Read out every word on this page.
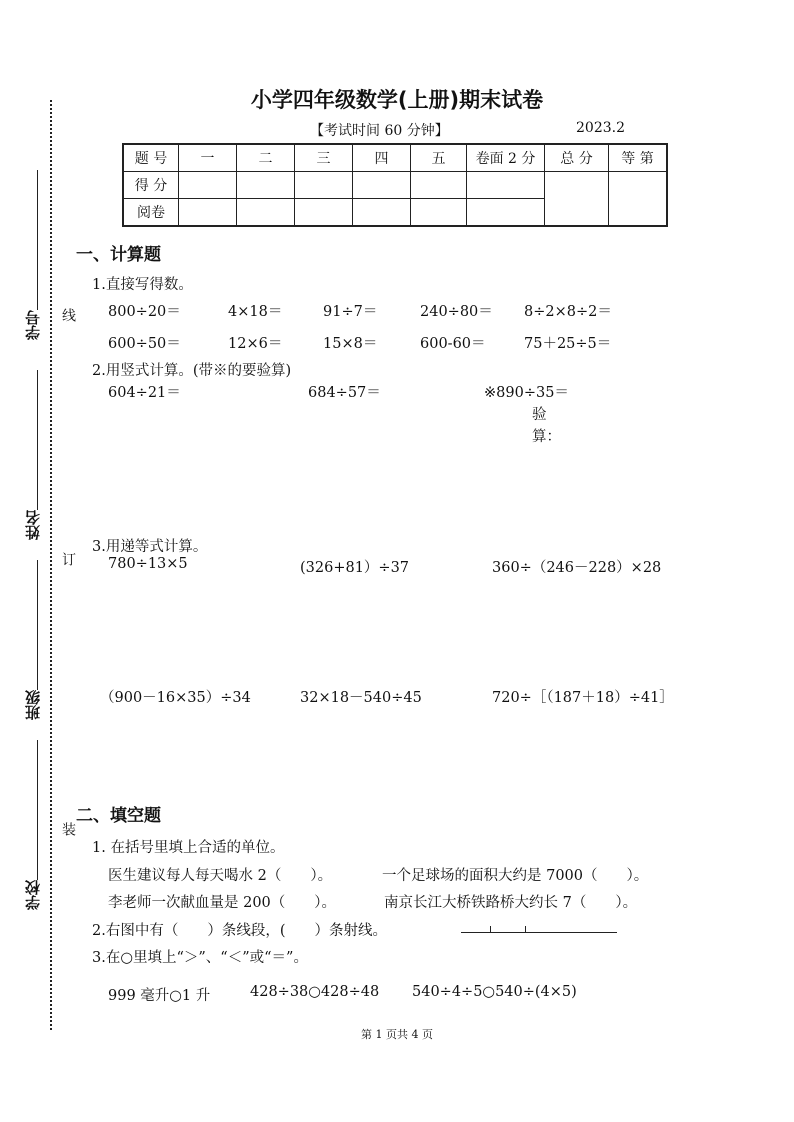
学号
姓名
班级
学校
线
订
装
小学四年级数学(上册)期末试卷
【考试时间 60 分钟】	2023.2
题 号	一	二	三	四	五	卷面 2 分	总 分	等 第
得 分								
阅卷								
一、计算题
1.直接写得数。
800÷20＝	4×18＝	91÷7＝	240÷80＝ 8÷2×8÷2＝
600÷50＝	12×6＝	15×8＝	600-60＝	75＋25÷5＝
2.用竖式计算。(带※的要验算)
604÷21＝	684÷57＝	※890÷35＝
验
算：
3.用递等式计算。
780÷13×5	(326+81）÷37	360÷（246－228）×28
（900－16×35）÷34	32×18－540÷45	720÷［（187＋18）÷41］
二、填空题
1. 在括号里填上合适的单位。
医生建议每人每天喝水 2（　　）。	一个足球场的面积大约是 7000（　　）。
李老师一次献血量是 200（　　）。	南京长江大桥铁路桥大约长 7（　　）。
2.右图中有（　　）条线段，(　　）条射线。
3.在○里填上“＞”、“＜”或“＝”。
999 毫升○1 升	428÷38○428÷48 540÷4÷5○540÷(4×5)
第 1 页共 4 页
